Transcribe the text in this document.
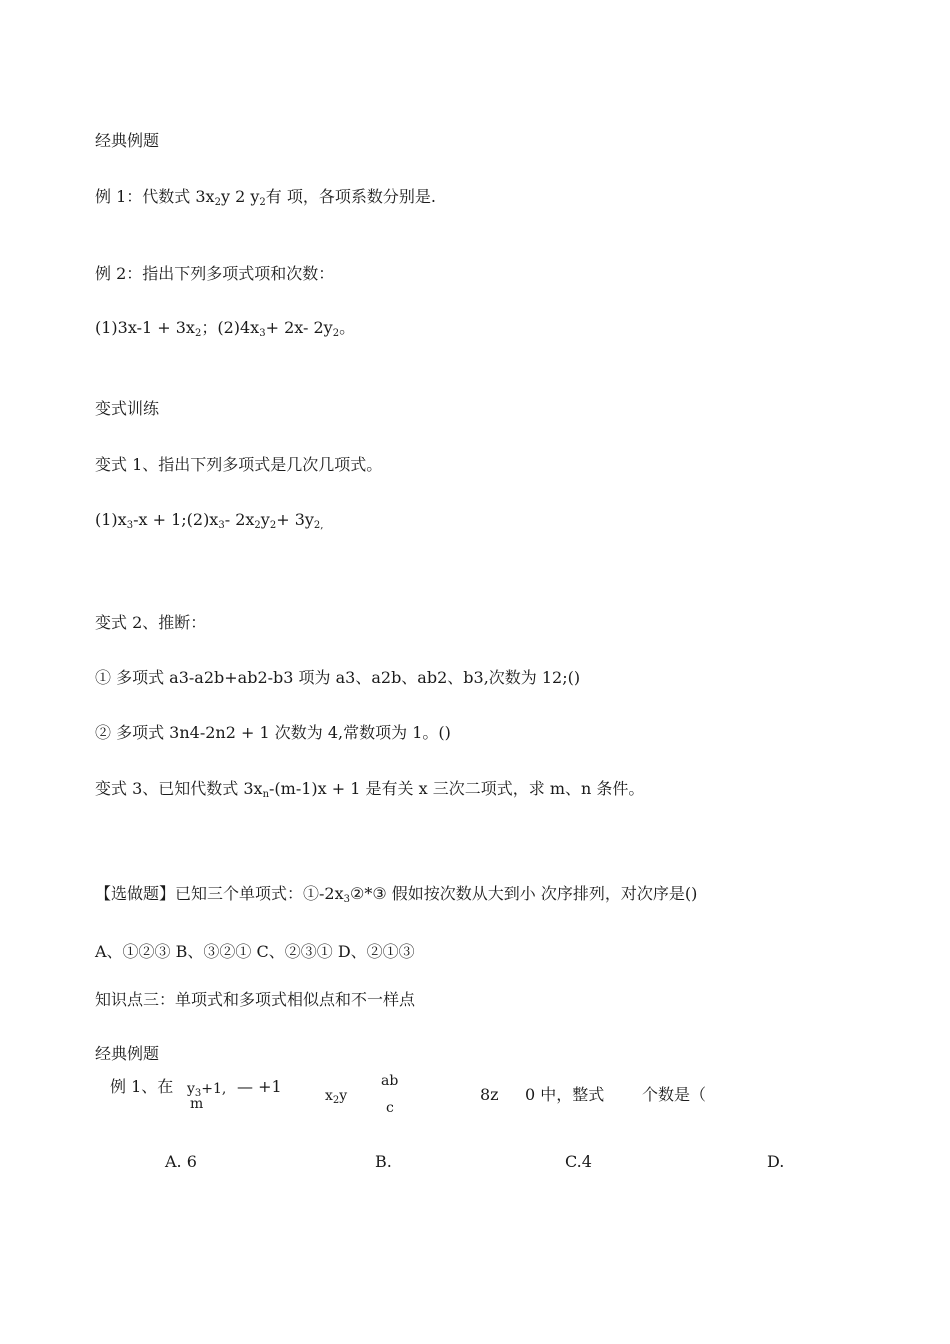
经典例题
例 1：代数式 3x2y 2 y2有 项，各项系数分别是.
例 2：指出下列多项式项和次数：
(1)3x-1 + 3x2；(2)4x3+ 2x- 2y2。
变式训练
变式 1、指出下列多项式是几次几项式。
(1)x3-x + 1;(2)x3- 2x2y2+ 3y2,
变式 2、推断：
① 多项式 a3-a2b+ab2-b3 项为 a3、a2b、ab2、b3,次数为 12;()
② 多项式 3n4-2n2 + 1 次数为 4,常数项为 1。()
变式 3、已知代数式 3xn-(m-1)x + 1 是有关 x 三次二项式，求 m、n 条件。
【选做题】已知三个单项式：①-2x3②*③ 假如按次数从大到小 次序排列，对次序是()
A、①②③ B、③②① C、②③① D、②①③
知识点三：单项式和多项式相似点和不一样点
经典例题
例 1、在 $y_3+1$,
m
— +1	$x_2y$
ab
c
8z 0 中，整式 个数是（
A. 6	B.	C.4	D.
